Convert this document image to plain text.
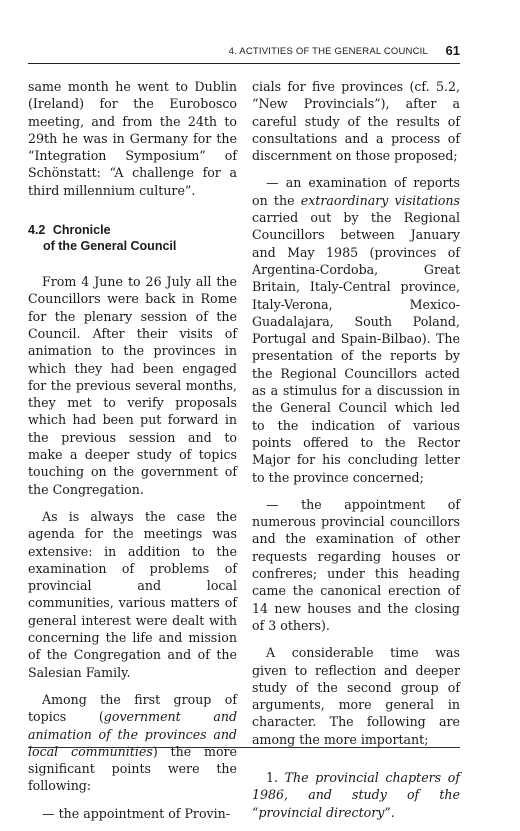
4. ACTIVITIES OF THE GENERAL COUNCIL 61

same month he went to Dublin (Ireland) for the Eurobosco meeting, and from the 24th to 29th he was in Germany for the “Integration Symposium” of Schönstatt: “A challenge for a third millennium culture”.

4.2 Chronicle
of the General Council

From 4 June to 26 July all the Councillors were back in Rome for the plenary session of the Council. After their visits of animation to the provinces in which they had been engaged for the previous several months, they met to verify proposals which had been put forward in the previous session and to make a deeper study of topics touching on the government of the Congregation.

As is always the case the agenda for the meetings was extensive: in addition to the examination of problems of provincial and local communities, various matters of general interest were dealt with concerning the life and mission of the Congregation and of the Salesian Family.

Among the first group of topics (government and animation of the provinces and local communities) the more significant points were the following:

— the appointment of Provin-

cials for five provinces (cf. 5.2, “New Provincials”), after a careful study of the results of consultations and a process of discernment on those proposed;

— an examination of reports on the extraordinary visitations carried out by the Regional Councillors between January and May 1985 (provinces of Argentina-Cordoba, Great Britain, Italy-Central province, Italy-Verona, Mexico-Guadalajara, South Poland, Portugal and Spain-Bilbao). The presentation of the reports by the Regional Councillors acted as a stimulus for a discussion in the General Council which led to the indication of various points offered to the Rector Major for his concluding letter to the province concerned;

— the appointment of numerous provincial councillors and the examination of other requests regarding houses or confreres; under this heading came the canonical erection of 14 new houses and the closing of 3 others).

A considerable time was given to reflection and deeper study of the second group of arguments, more general in character. The following are among the more important;

1. The provincial chapters of 1986, and study of the “provincial directory”.
